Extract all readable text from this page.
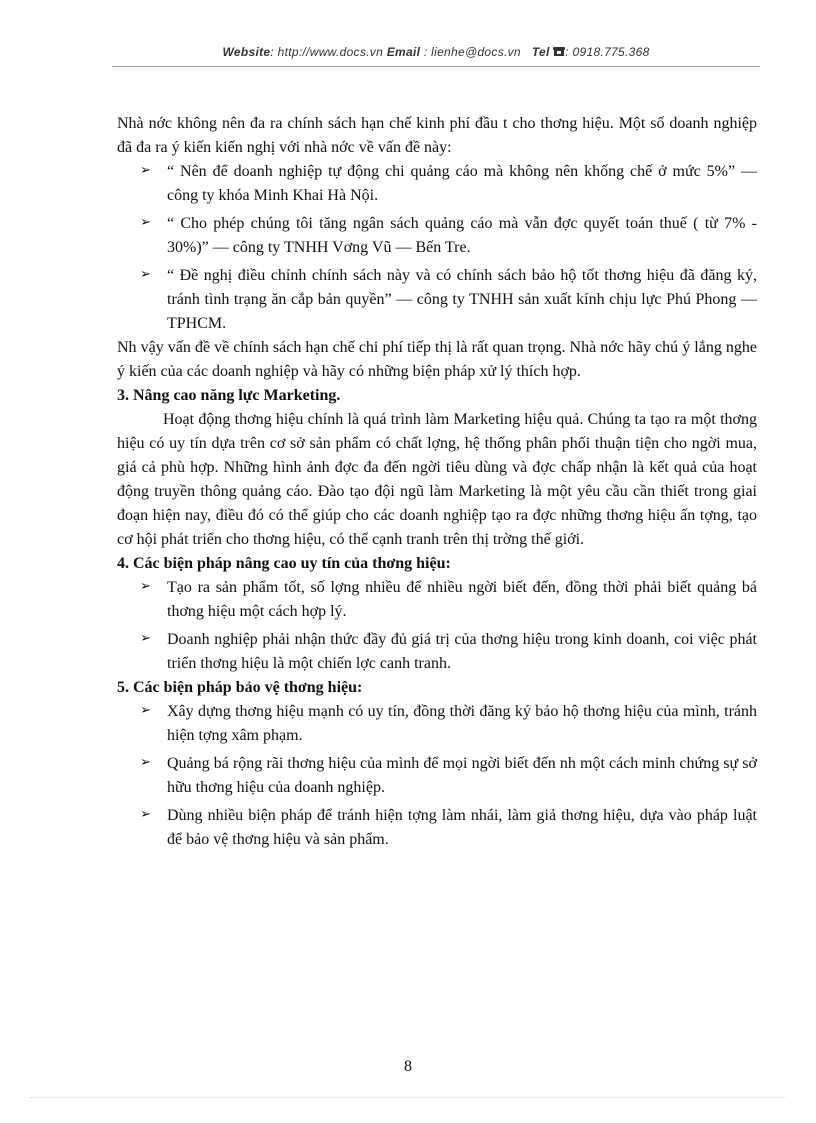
Website: http://www.docs.vn Email : lienhe@docs.vn Tel : 0918.775.368

Nhà nớc không nên đa ra chính sách hạn chế kinh phí đầu t cho thơng hiệu. Một số doanh nghiệp đã đa ra ý kiến kiến nghị với nhà nớc về vấn đề này:

➢	“ Nên để doanh nghiệp tự động chi quảng cáo mà không nên khống chế ở mức 5%” — công ty khóa Minh Khai Hà Nội.
➢	“ Cho phép chúng tôi tăng ngân sách quảng cáo mà vẫn đợc quyết toán thuế ( từ 7% - 30%)” — công ty TNHH Vơng Vũ — Bến Tre.
➢	“ Đề nghị điều chỉnh chính sách này và có chính sách bảo hộ tốt thơng hiệu đã đăng ký, tránh tình trạng ăn cắp bản quyền” — công ty TNHH sản xuất kính chịu lực Phú Phong — TPHCM.

Nh vậy vấn đề về chính sách hạn chế chi phí tiếp thị là rất quan trọng. Nhà nớc hãy chú ý lắng nghe ý kiến của các doanh nghiệp và hãy có những biện pháp xử lý thích hợp.

3. Nâng cao năng lực Marketing.

Hoạt động thơng hiệu chính là quá trình làm Marketing hiệu quả. Chúng ta tạo ra một thơng hiệu có uy tín dựa trên cơ sở sản phẩm có chất lợng, hệ thống phân phối thuận tiện cho ngời mua, giá cả phù hợp. Những hình ảnh đợc đa đến ngời tiêu dùng và đợc chấp nhận là kết quả của hoạt động truyền thông quảng cáo. Đào tạo đội ngũ làm Marketing là một yêu cầu cần thiết trong giai đoạn hiện nay, điều đó có thể giúp cho các doanh nghiệp tạo ra đợc những thơng hiệu ấn tợng, tạo cơ hội phát triển cho thơng hiệu, có thể cạnh tranh trên thị trờng thế giới.

4. Các biện pháp nâng cao uy tín của thơng hiệu:
➢	Tạo ra sản phẩm tốt, số lợng nhiều để nhiều ngời biết đến, đồng thời phải biết quảng bá thơng hiệu một cách hợp lý.
➢	Doanh nghiệp phải nhận thức đầy đủ giá trị của thơng hiệu trong kinh doanh, coi việc phát triển thơng hiệu là một chiến lợc canh tranh.
5. Các biện pháp bảo vệ thơng hiệu:
➢	Xây dựng thơng hiệu mạnh có uy tín, đồng thời đăng ký bảo hộ thơng hiệu của mình, tránh hiện tợng xâm phạm.
➢	Quảng bá rộng rãi thơng hiệu của mình để mọi ngời biết đến nh một cách minh chứng sự sở hữu thơng hiệu của doanh nghiệp.
➢	Dùng nhiều biện pháp để tránh hiện tợng làm nhái, làm giả thơng hiệu, dựa vào pháp luật để bảo vệ thơng hiệu và sản phẩm.
8
